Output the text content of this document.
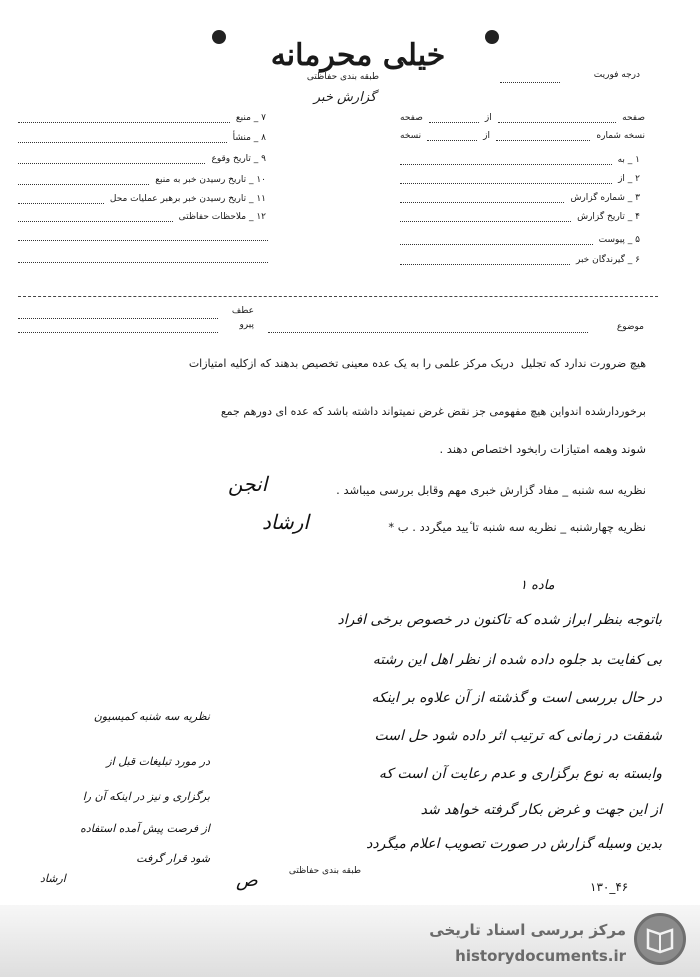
خیلی محرمانه
طبقه بندی حفاظتی
گزارش خبر
درجه فوریت
صفحه
از
صفحه
نسخه شماره
از
نسخه
۱ _ به
۲ _ از
۳ _ شماره گزارش
۴ _ تاریخ گزارش
۵ _ پیوست
۶ _ گیرندگان خبر
۷ _ منبع
۸ _ منشأ
۹ _ تاریخ وقوع
۱۰ _ تاریخ رسیدن خبر به منبع
۱۱ _ تاریخ رسیدن خبر برهبر عملیات محل
۱۲ _ ملاحظات حفاظتی
عطف
پیرو	موضوع
هیچ ضرورت ندارد که تجلیل ‌ دریک مرکز علمی را به یک عده معینی تخصیص بدهند که ازکلیه امتیازات
برخوردارشده اندواین هیچ مفهومی جز‌ نقض غرض نمیتواند داشته باشد که عده ای دورهم جمع
شوند وهمه امتیازات رابخود اختصاص دهند .
نظریه سه شنبه _ مفاد گزارش خبری مهم وقابل بررسی میباشد .
انجن
نظریه چهارشنبه _ نظریه سه شنبه تا ٔیید میگردد . ب *
ارشاد
ماده ۱
باتوجه بنظر ابراز شده که تاکنون در خصوص برخی افراد
بی کفایت بد جلوه داده شده از نظر اهل این رشته
در حال بررسی است و گذشته از آن علاوه بر اینکه
شفقت در زمانی که ترتیب اثر داده شود حل است
وابسته به نوع برگزاری و عدم رعایت آن است که
از این جهت و غرض بکار گرفته خواهد شد
بدین وسیله گزارش در صورت تصویب اعلام میگردد
نظریه سه شنبه کمیسیون
در مورد تبلیغات قبل از
برگزاری و نیز در اینکه آن را
از فرصت پیش آمده استفاده
شود قرار گرفت
ارشاد
طبقه بندی حفاظتی
ص	۱۳۰_۴۶
مرکز بررسی اسناد تاریخی
historydocuments.ir
